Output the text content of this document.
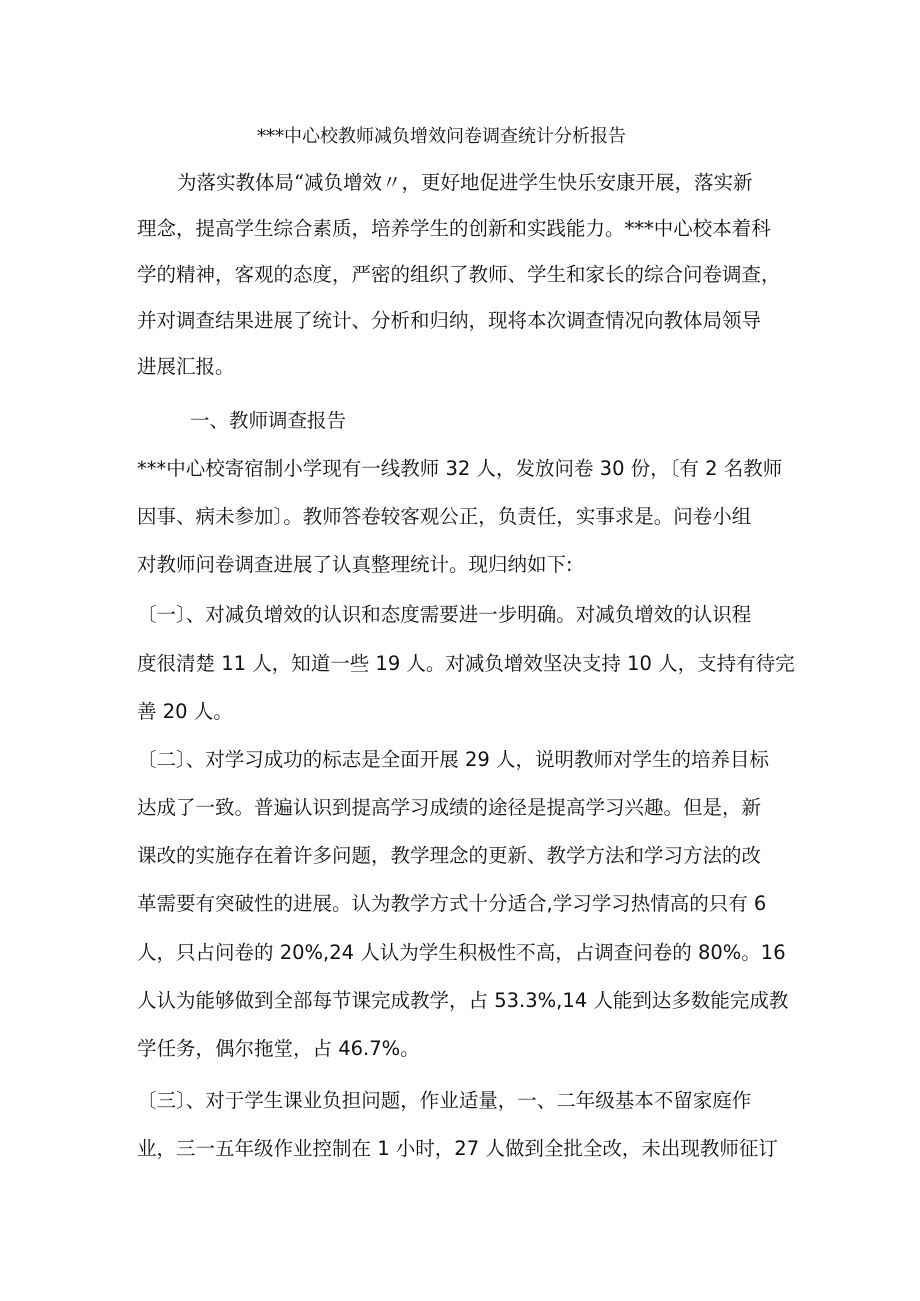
***中心校教师减负增效问卷调查统计分析报告
为落实教体局“减负增效〃，更好地促进学生快乐安康开展，落实新
理念，提高学生综合素质，培养学生的创新和实践能力。***中心校本着科
学的精神，客观的态度，严密的组织了教师、学生和家长的综合问卷调查，
并对调查结果进展了统计、分析和归纳，现将本次调查情况向教体局领导
进展汇报。
一、教师调查报告
***中心校寄宿制小学现有一线教师 32 人，发放问卷 30 份，〔有 2 名教师
因事、病未参加〕。教师答卷较客观公正，负责任，实事求是。问卷小组
对教师问卷调查进展了认真整理统计。现归纳如下:
〔一〕、对减负增效的认识和态度需要进一步明确。对减负增效的认识程
度很清楚 11 人，知道一些 19 人。对减负增效坚决支持 10 人，支持有待完
善 20 人。
〔二〕、对学习成功的标志是全面开展 29 人，说明教师对学生的培养目标
达成了一致。普遍认识到提高学习成绩的途径是提高学习兴趣。但是，新
课改的实施存在着许多问题，教学理念的更新、教学方法和学习方法的改
革需要有突破性的进展。认为教学方式十分适合,学习学习热情高的只有 6
人，只占问卷的 20%,24 人认为学生积极性不高，占调查问卷的 80%。16
人认为能够做到全部每节课完成教学，占 53.3%,14 人能到达多数能完成教
学任务，偶尔拖堂，占 46.7%。
〔三〕、对于学生课业负担问题，作业适量，一、二年级基本不留家庭作
业，三一五年级作业控制在 1 小时，27 人做到全批全改，未出现教师征订
